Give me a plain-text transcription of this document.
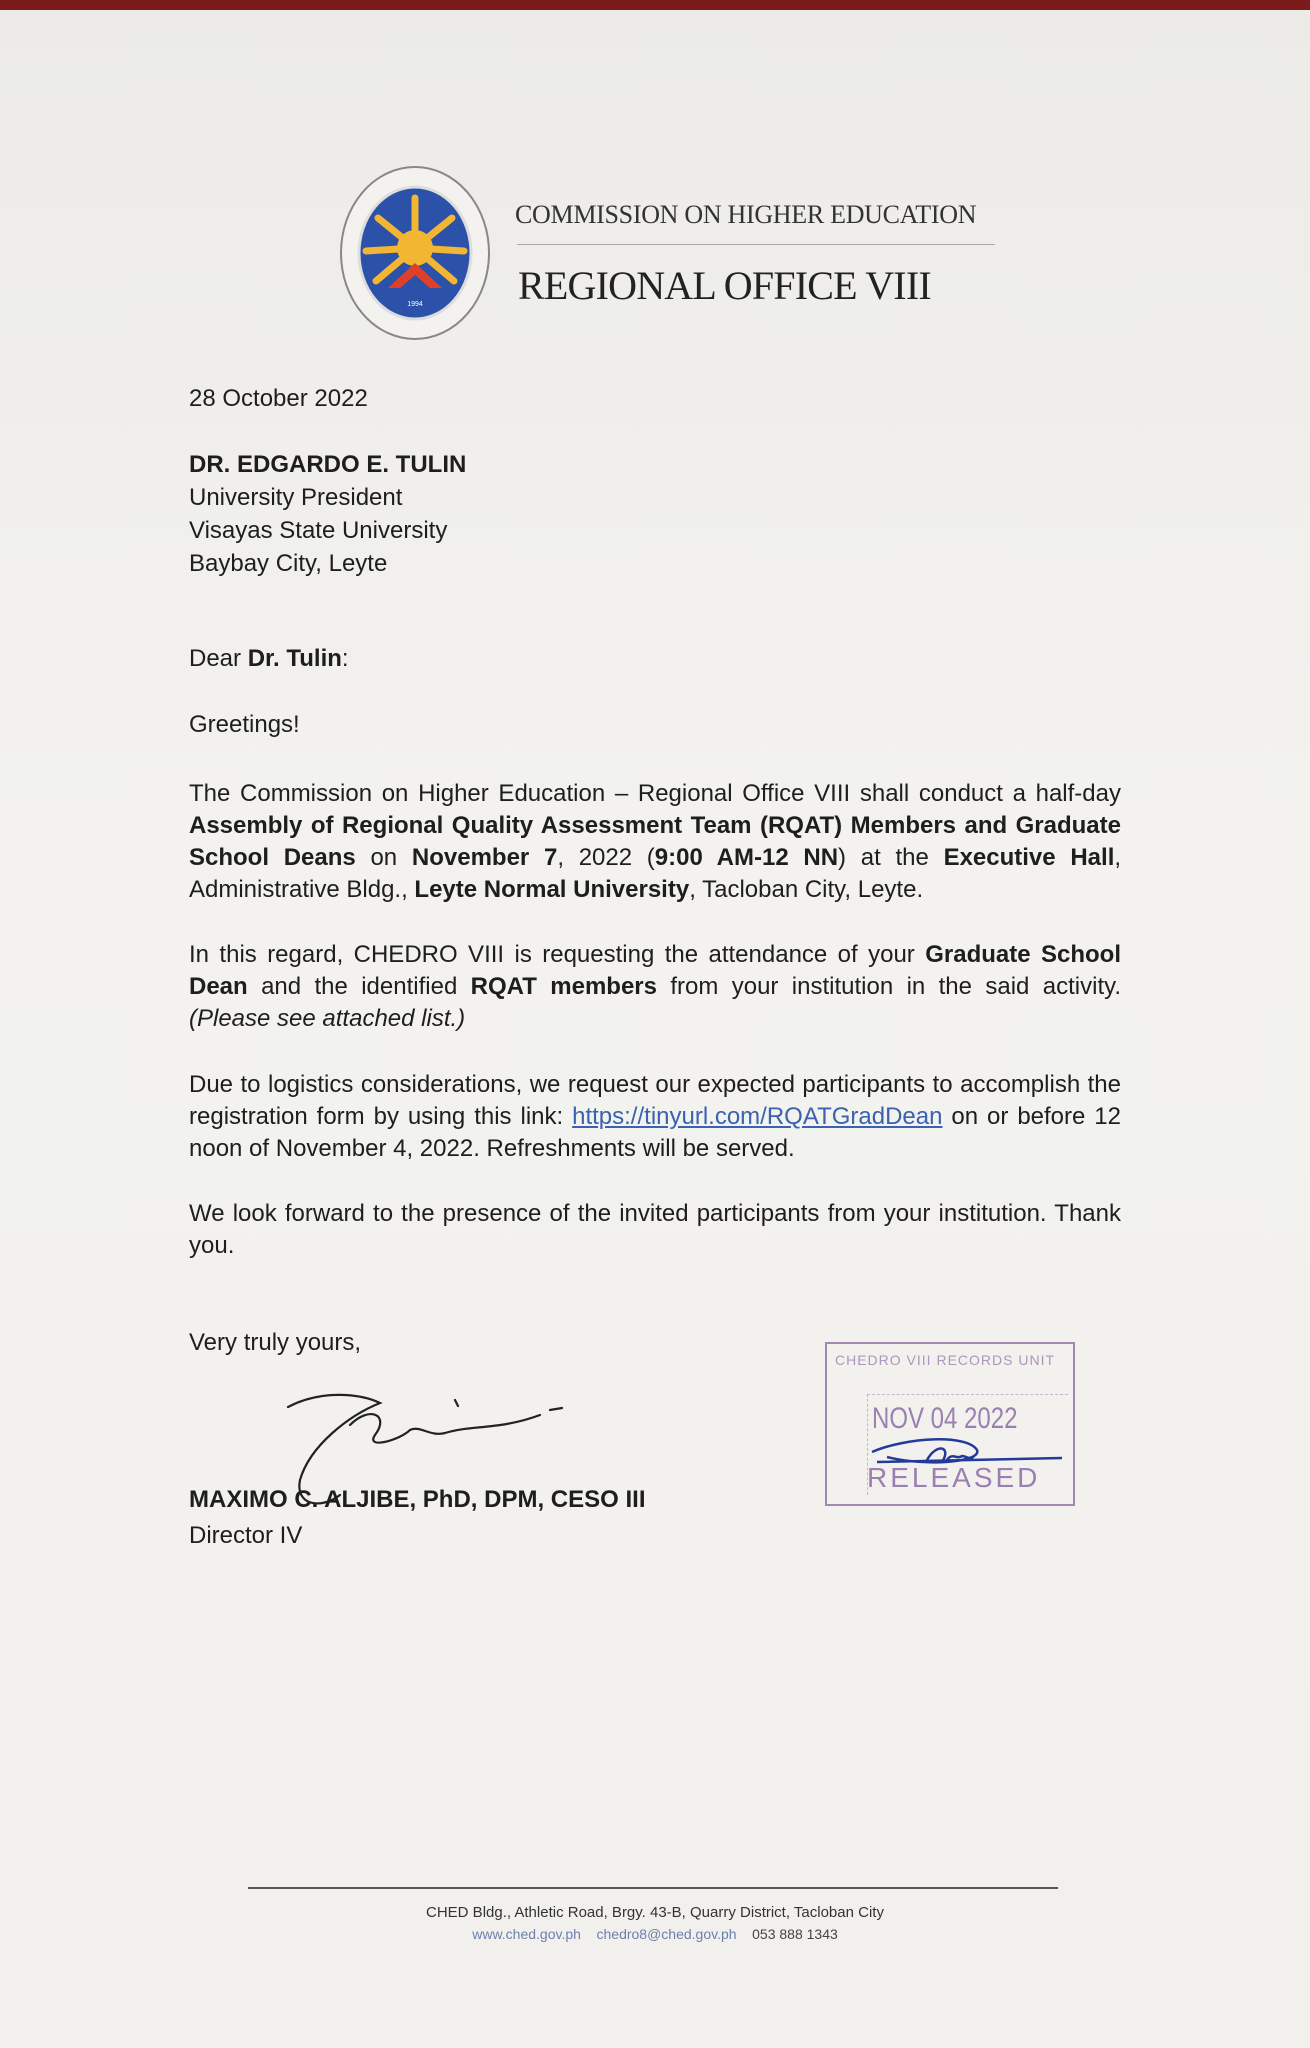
1994
COMMISSION ON HIGHER EDUCATION
REGIONAL OFFICE VIII
28 October 2022
DR. EDGARDO E. TULIN
University President
Visayas State University
Baybay City, Leyte
Dear Dr. Tulin:
Greetings!
The Commission on Higher Education – Regional Office VIII shall conduct a half-day Assembly of Regional Quality Assessment Team (RQAT) Members and Graduate School Deans on November 7, 2022 (9:00 AM-12 NN) at the Executive Hall, Administrative Bldg., Leyte Normal University, Tacloban City, Leyte.
In this regard, CHEDRO VIII is requesting the attendance of your Graduate School Dean and the identified RQAT members from your institution in the said activity. (Please see attached list.)
Due to logistics considerations, we request our expected participants to accomplish the registration form by using this link: https://tinyurl.com/RQATGradDean on or before 12 noon of November 4, 2022. Refreshments will be served.
We look forward to the presence of the invited participants from your institution. Thank you.
Very truly yours,
MAXIMO C. ALJIBE, PhD, DPM, CESO III
Director IV
CHEDRO VIII RECORDS UNIT
NOV 04 2022
RELEASED
CHED Bldg., Athletic Road, Brgy. 43-B, Quarry District, Tacloban City
www.ched.gov.ph chedro8@ched.gov.ph 053 888 1343
